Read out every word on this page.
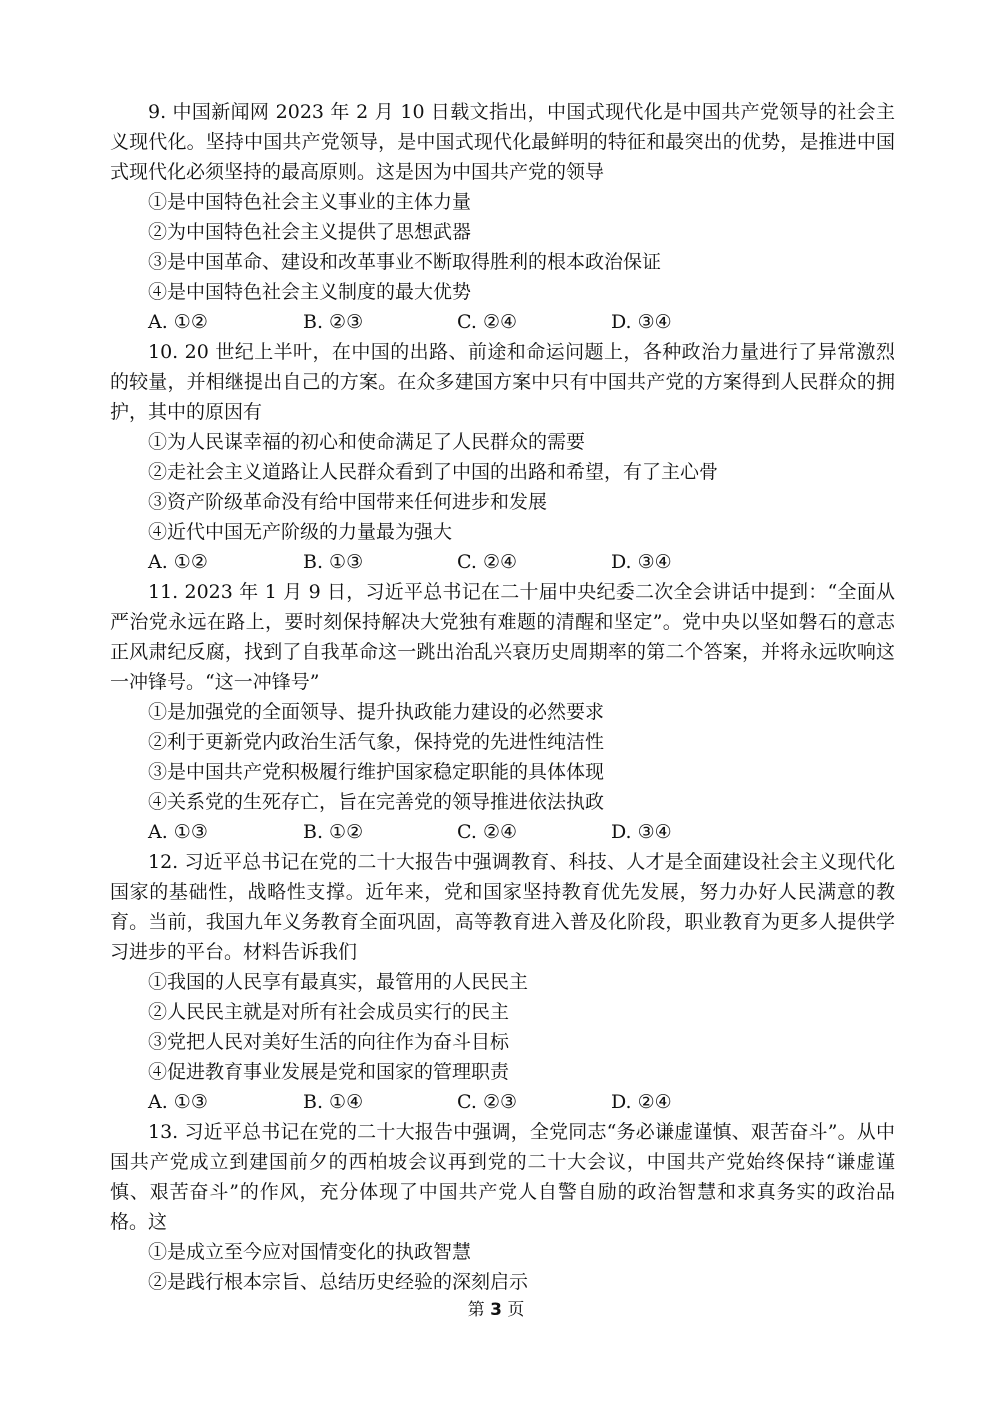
9. 中国新闻网 2023 年 2 月 10 日载文指出，中国式现代化是中国共产党领导的社会主义现代化。坚持中国共产党领导，是中国式现代化最鲜明的特征和最突出的优势，是推进中国式现代化必须坚持的最高原则。这是因为中国共产党的领导

①是中国特色社会主义事业的主体力量
②为中国特色社会主义提供了思想武器
③是中国革命、建设和改革事业不断取得胜利的根本政治保证
④是中国特色社会主义制度的最大优势
A. ①②	B. ②③	C. ②④	D. ③④

10. 20 世纪上半叶，在中国的出路、前途和命运问题上，各种政治力量进行了异常激烈的较量，并相继提出自己的方案。在众多建国方案中只有中国共产党的方案得到人民群众的拥护，其中的原因有

①为人民谋幸福的初心和使命满足了人民群众的需要
②走社会主义道路让人民群众看到了中国的出路和希望，有了主心骨
③资产阶级革命没有给中国带来任何进步和发展
④近代中国无产阶级的力量最为强大
A. ①②	B. ①③	C. ②④	D. ③④

11. 2023 年 1 月 9 日，习近平总书记在二十届中央纪委二次全会讲话中提到：“全面从严治党永远在路上，要时刻保持解决大党独有难题的清醒和坚定”。党中央以坚如磐石的意志正风肃纪反腐，找到了自我革命这一跳出治乱兴衰历史周期率的第二个答案，并将永远吹响这一冲锋号。“这一冲锋号”

①是加强党的全面领导、提升执政能力建设的必然要求
②利于更新党内政治生活气象，保持党的先进性纯洁性
③是中国共产党积极履行维护国家稳定职能的具体体现
④关系党的生死存亡，旨在完善党的领导推进依法执政
A. ①③	B. ①②	C. ②④	D. ③④

12. 习近平总书记在党的二十大报告中强调教育、科技、人才是全面建设社会主义现代化国家的基础性，战略性支撑。近年来，党和国家坚持教育优先发展，努力办好人民满意的教育。当前，我国九年义务教育全面巩固，高等教育进入普及化阶段，职业教育为更多人提供学习进步的平台。材料告诉我们

①我国的人民享有最真实，最管用的人民民主
②人民民主就是对所有社会成员实行的民主
③党把人民对美好生活的向往作为奋斗目标
④促进教育事业发展是党和国家的管理职责
A. ①③	B. ①④	C. ②③	D. ②④

13. 习近平总书记在党的二十大报告中强调，全党同志“务必谦虚谨慎、艰苦奋斗”。从中国共产党成立到建国前夕的西柏坡会议再到党的二十大会议，中国共产党始终保持“谦虚谨慎、艰苦奋斗”的作风，充分体现了中国共产党人自警自励的政治智慧和求真务实的政治品格。这

①是成立至今应对国情变化的执政智慧
②是践行根本宗旨、总结历史经验的深刻启示
第 3 页
